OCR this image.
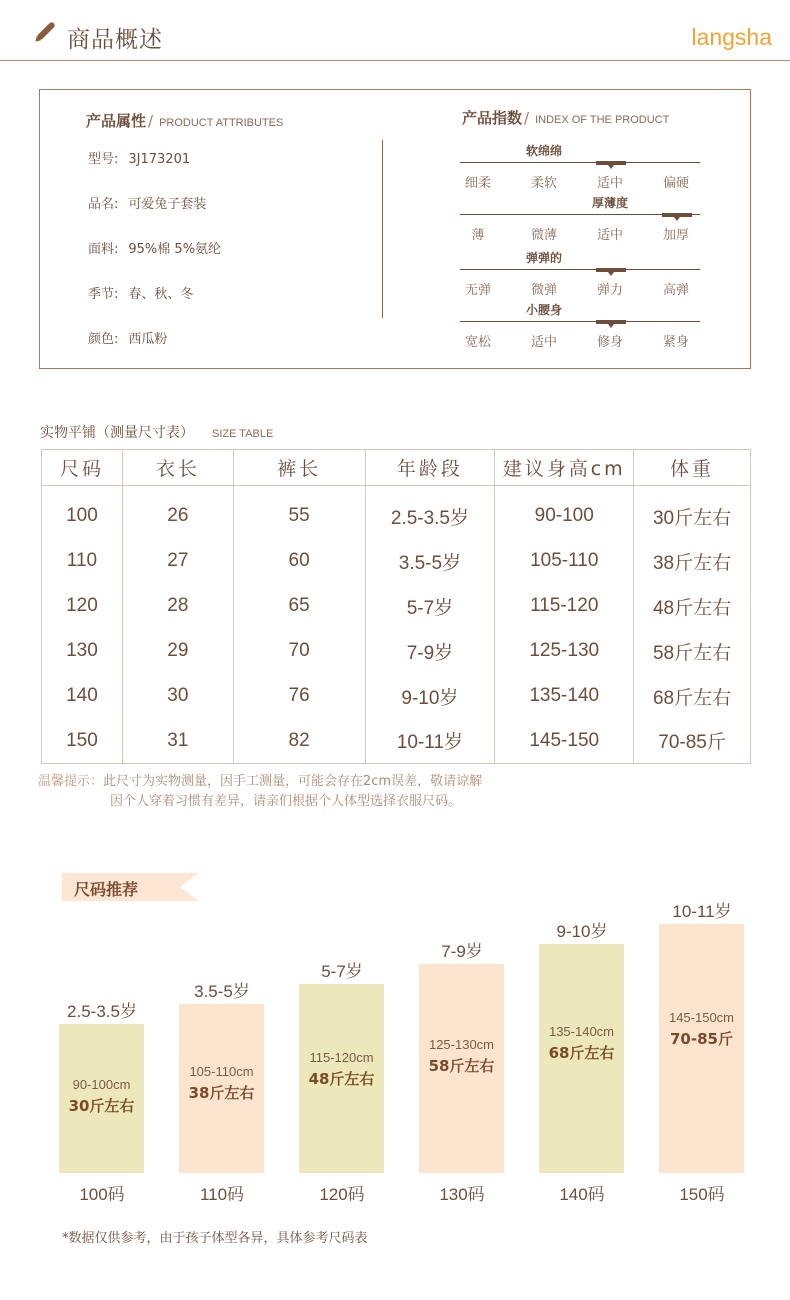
商品概述	langsha
产品属性 / PRODUCT ATTRIBUTES
型号: 3J173201
品名: 可爱兔子套装
面料: 95%棉 5%氨纶
季节: 春、秋、冬
颜色: 西瓜粉
产品指数 / INDEX OF THE PRODUCT
软绵绵
细柔	柔软	适中	偏硬
厚薄度
薄	微薄	适中	加厚
弹弹的
无弹	微弹	弹力	高弹
小腰身
宽松	适中	修身	紧身
实物平铺（测量尺寸表） SIZE TABLE
尺码	衣长	裤长	年龄段	建议身高cm	体重
100	26	55	2.5-3.5岁	90-100	30斤左右
110	27	60	3.5-5岁	105-110	38斤左右
120	28	65	5-7岁	115-120	48斤左右
130	29	70	7-9岁	125-130	58斤左右
140	30	76	9-10岁	135-140	68斤左右
150	31	82	10-11岁	145-150	70-85斤
温馨提示：此尺寸为实物测量，因手工测量，可能会存在2cm误差，敬请谅解
因个人穿着习惯有差异，请亲们根据个人体型选择衣服尺码。
尺码推荐
2.5-3.5岁
90-100cm
30斤左右
100码
3.5-5岁
105-110cm
38斤左右
110码
5-7岁
115-120cm
48斤左右
120码
7-9岁
125-130cm
58斤左右
130码
9-10岁
135-140cm
68斤左右
140码
10-11岁
145-150cm
70-85斤
150码
*数据仅供参考，由于孩子体型各异，具体参考尺码表
